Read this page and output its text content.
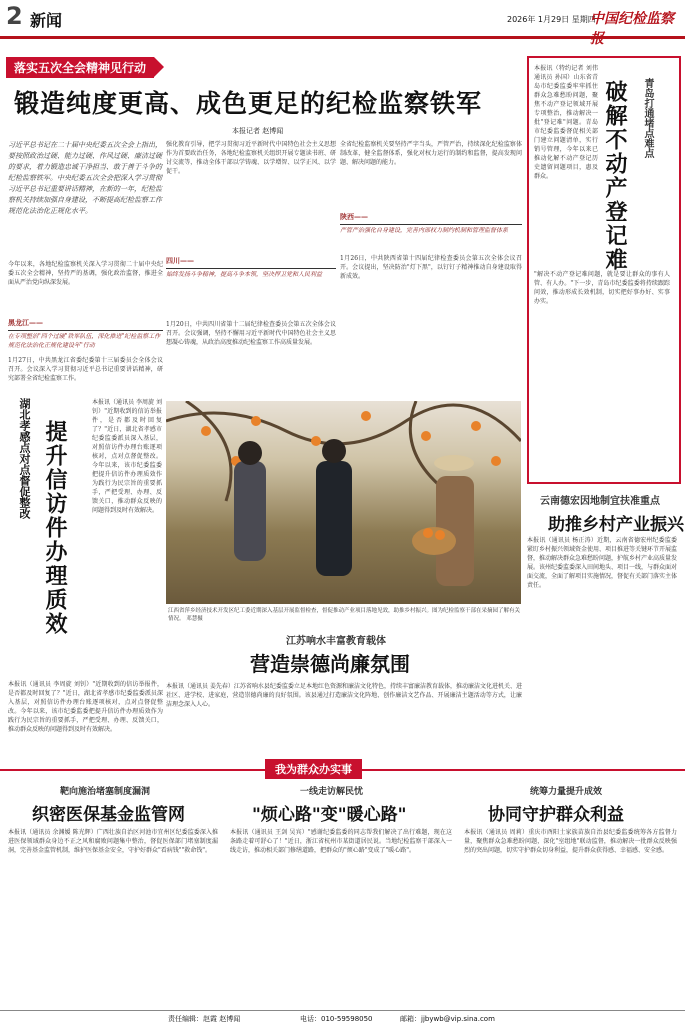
2 新闻	2026年 1月29日 星期四
中国纪检监察报
落实五次全会精神见行动
锻造纯度更高、成色更足的纪检监察铁军
本报记者 赵博闻
习近平总书记在二十届中央纪委五次全会上指出，要按照政治过硬、能力过硬、作风过硬、廉洁过硬的要求，着力锻造忠诚干净担当、敢于善于斗争的纪检监察铁军。中央纪委五次全会把深入学习贯彻习近平总书记重要讲话精神，在新的一年，纪检监察机关持续加强自身建设，不断提高纪检监察工作规范化法治化正规化水平。
今年以来，各地纪检监察机关深入学习贯彻二十届中央纪委五次全会精神，坚持严的基调，强化政治监督，推进全面从严治党向纵深发展。
黑龙江——
在专项整治"四个过硬"铁军队伍，深化推进"纪检监察工作规范化法治化正规化建设年"行动
1月27日，中共黑龙江省委纪委第十三届委员会全体会议召开。会议深入学习贯彻习近平总书记重要讲话精神，研究部署全省纪检监察工作。
强化教育引导，把学习贯彻习近平新时代中国特色社会主义思想作为首要政治任务，各地纪检监察机关组织开展专题读书班、研讨交流等，推动全体干部以学铸魂、以学增智、以学正风、以学促干。
四川——
始终发扬斗争精神，提高斗争本领，坚决捍卫党和人民利益
1月20日，中共四川省第十二届纪律检查委员会第五次全体会议召开。会议强调，坚持不懈用习近平新时代中国特色社会主义思想凝心铸魂，从政治高度推动纪检监察工作高质量发展。
全省纪检监察机关要坚持严字当头，严管严治，持续深化纪检监察体制改革，健全监督体系，强化对权力运行的制约和监督，提高发现问题、解决问题的能力。
陕西——
严管严治强化自身建设，完善内部权力制约机制和管理监督体系
1月26日，中共陕西省第十四届纪律检查委员会第五次全体会议召开。会议提出，坚决防治"灯下黑"，以钉钉子精神推动自身建设取得新成效。
青岛打通堵点难点
破解不动产登记难
本报讯（特约记者 刘伟 通讯员 孙国）山东省青岛市纪委监委牢牢抓住群众急难愁盼问题，聚焦不动产登记领域开展专项整治，推动解决一批"登记难"问题。青岛市纪委监委督促相关部门建立问题清单，实行销号管理，今年以来已推动化解不动产登记历史遗留问题项目，惠及群众。
"解决不动产登记难问题，就是要让群众的事有人管、有人办。"下一步，青岛市纪委监委将持续跟踪问效，推动形成长效机制，切实把好事办好、实事办实。
湖北孝感点对点督促整改 提升信访件办理质效
本报讯（通讯员 李周旋 刘钊）"近期收到的信访举报件，是否都及时回复了？"近日，湖北省孝感市纪委监委派员深入基层，对照信访件办理台账逐项核对，点对点督促整改。今年以来，该市纪委监委把提升信访件办理质效作为践行为民宗旨的重要抓手，严把受理、办理、反馈关口，推动群众反映的问题得到及时有效解决。
本报讯（通讯员 李周旋 刘钊）"近期收到的信访举报件，是否都及时回复了？"近日，湖北省孝感市纪委监委派员深入基层，对照信访件办理台账逐项核对，点对点督促整改。今年以来，该市纪委监委把提升信访件办理质效作为践行为民宗旨的重要抓手，严把受理、办理、反馈关口，推动群众反映的问题得到及时有效解决。
江西省萍乡经济技术开发区纪工委近期深入基层开展监督检查，督促推动产业项目落地见效，助推乡村振兴。图为纪检监察干部在采摘园了解有关情况。 邓慧摄
云南德宏因地制宜扶准重点
助推乡村产业振兴
本报讯（通讯员 杨正涛）近期，云南省德宏州纪委监委紧盯乡村振兴领域资金使用、项目推进等关键环节开展监督，推动解决群众急难愁盼问题，护航乡村产业高质量发展。该州纪委监委深入田间地头、项目一线，与群众面对面交流，全面了解项目实施情况，督促有关部门落实主体责任。
江苏响水丰富教育载体
营造崇德尚廉氛围
本报讯（通讯员 姜先春）江苏省响水县纪委监委立足本地红色资源和廉洁文化特色，持续丰富廉洁教育载体，推动廉洁文化进机关、进社区、进学校、进家庭，营造崇德尚廉的良好氛围。该县通过打造廉洁文化阵地、创作廉洁文艺作品、开展廉洁主题活动等方式，让廉洁理念深入人心。
我为群众办实事
靶向施治堵塞制度漏洞
织密医保基金监管网
本报讯（通讯员 余渊媛 陈光辉）广西壮族自治区河池市宜州区纪委监委深入推进医保领域群众身边不正之风和腐败问题集中整治，督促医保部门堵塞制度漏洞，完善基金监管机制，维护医保基金安全，守护好群众"看病钱""救命钱"。
一线走访解民忧
"烦心路"变"暖心路"
本报讯（通讯员 王剑 吴宾）"感谢纪委监委的同志帮我们解决了出行难题，现在这条路走着可舒心了！"近日，浙江省杭州市某街道居民说。当地纪检监察干部深入一线走访，推动相关部门修缮道路，把群众的"烦心路"变成了"暖心路"。
统筹力量提升成效
协同守护群众利益
本报讯（通讯员 周莉）重庆市酉阳土家族苗族自治县纪委监委统筹各方监督力量，聚焦群众急难愁盼问题，深化"室组地"联动监督，推动解决一批群众反映强烈的突出问题，切实守护群众切身利益，提升群众获得感、幸福感、安全感。
责任编辑：赵霞 赵博闻	电话：010-59598050	邮箱：jjbywb@vip.sina.com
